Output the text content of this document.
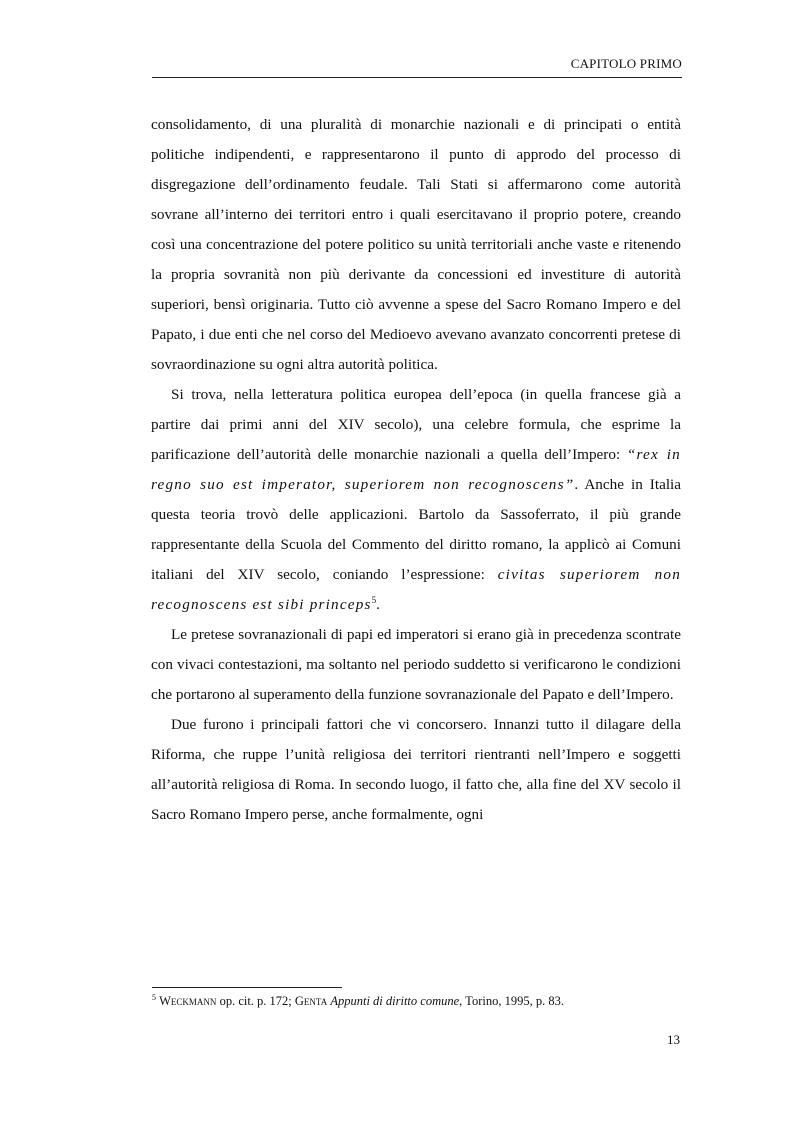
CAPITOLO PRIMO

consolidamento, di una pluralità di monarchie nazionali e di principati o entità politiche indipendenti, e rappresentarono il punto di approdo del processo di disgregazione dell’ordinamento feudale. Tali Stati si affermarono come autorità sovrane all’interno dei territori entro i quali esercitavano il proprio potere, creando così una concentrazione del potere politico su unità territoriali anche vaste e ritenendo la propria sovranità non più derivante da concessioni ed investiture di autorità superiori, bensì originaria. Tutto ciò avvenne a spese del Sacro Romano Impero e del Papato, i due enti che nel corso del Medioevo avevano avanzato concorrenti pretese di sovraordinazione su ogni altra autorità politica.

Si trova, nella letteratura politica europea dell’epoca (in quella francese già a partire dai primi anni del XIV secolo), una celebre formula, che esprime la parificazione dell’autorità delle monarchie nazionali a quella dell’Impero: “rex in regno suo est imperator, superiorem non recognoscens”. Anche in Italia questa teoria trovò delle applicazioni. Bartolo da Sassoferrato, il più grande rappresentante della Scuola del Commento del diritto romano, la applicò ai Comuni italiani del XIV secolo, coniando l’espressione: civitas superiorem non recognoscens est sibi princeps$^5$.

Le pretese sovranazionali di papi ed imperatori si erano già in precedenza scontrate con vivaci contestazioni, ma soltanto nel periodo suddetto si verificarono le condizioni che portarono al superamento della funzione sovranazionale del Papato e dell’Impero.

Due furono i principali fattori che vi concorsero. Innanzi tutto il dilagare della Riforma, che ruppe l’unità religiosa dei territori rientranti nell’Impero e soggetti all’autorità religiosa di Roma. In secondo luogo, il fatto che, alla fine del XV secolo il Sacro Romano Impero perse, anche formalmente, ogni

$^5$ Weckmann op. cit. p. 172; Genta Appunti di diritto comune, Torino, 1995, p. 83.
13
